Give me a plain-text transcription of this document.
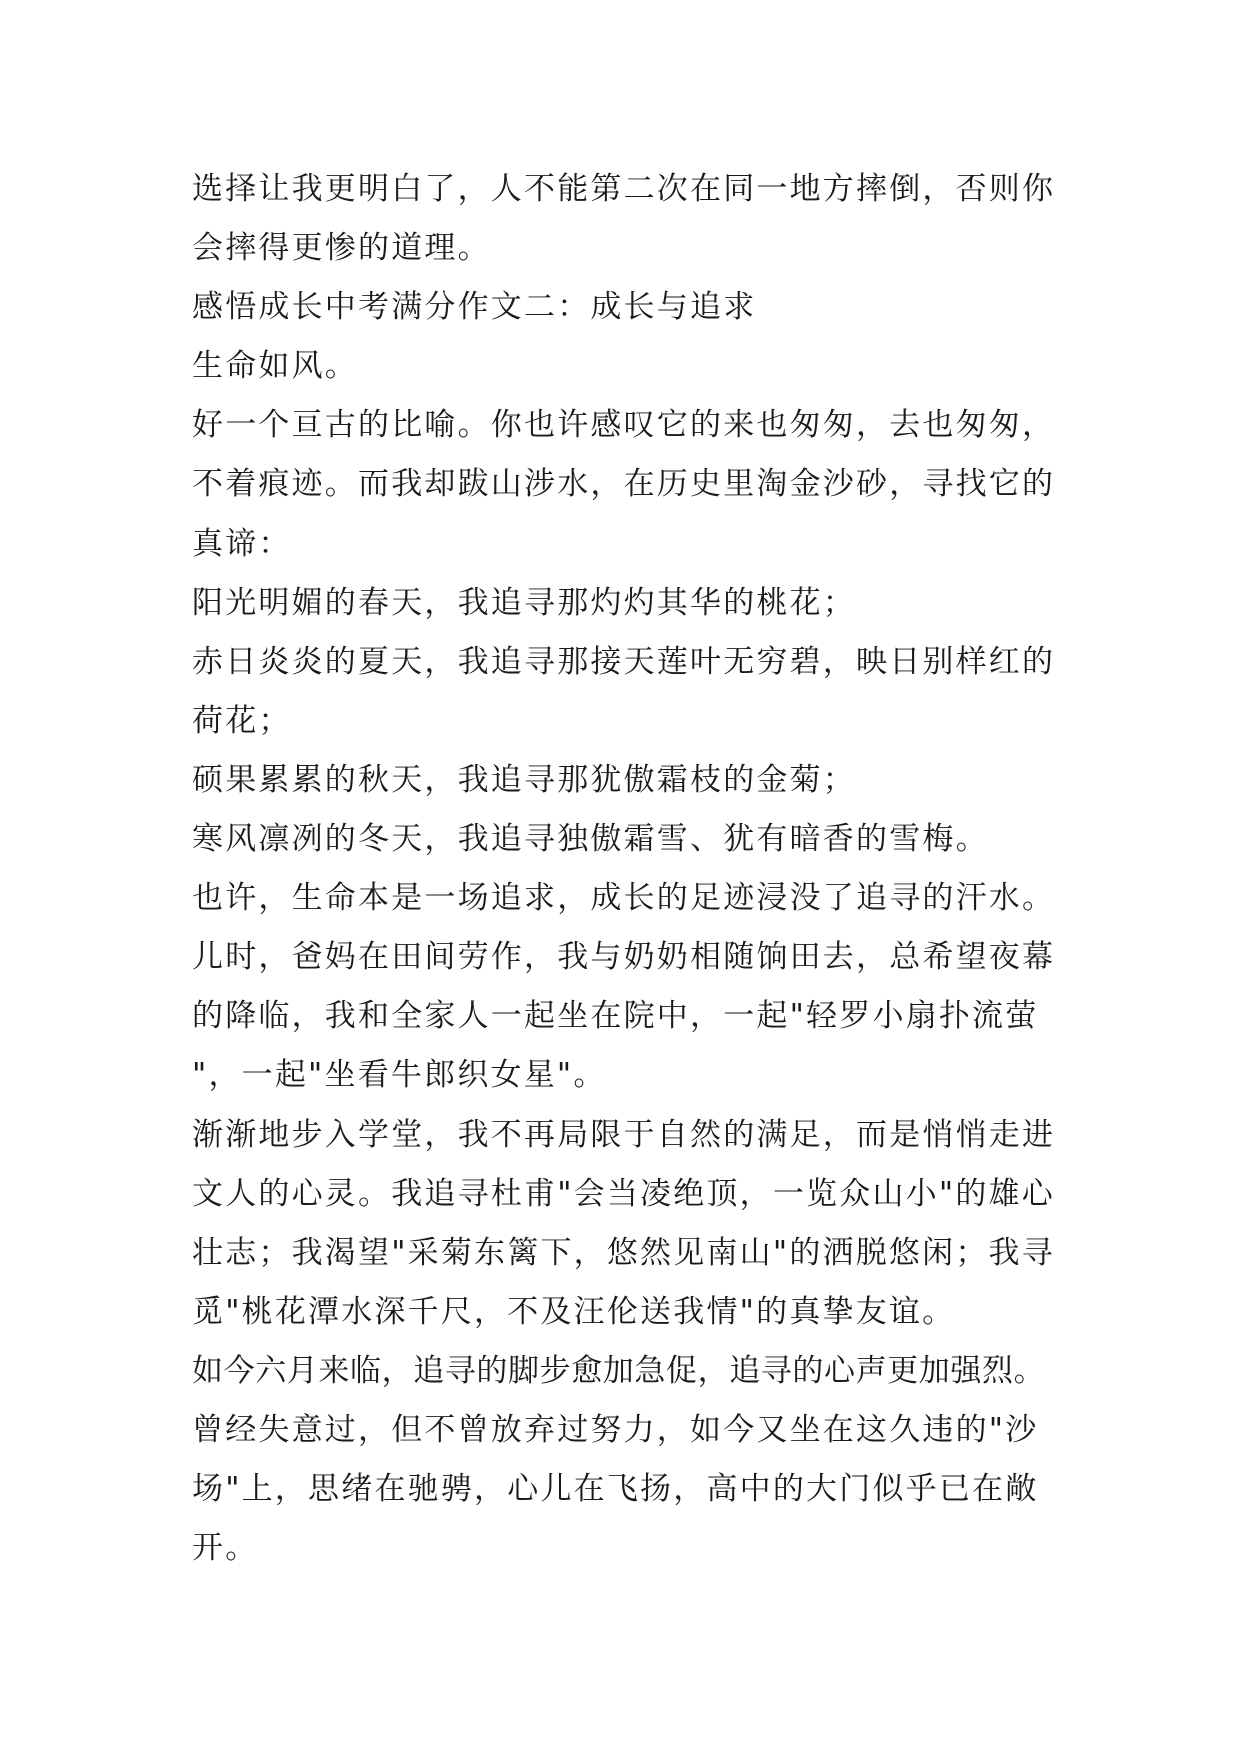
选择让我更明白了，人不能第二次在同一地方摔倒，否则你
会摔得更惨的道理。
感悟成长中考满分作文二：成长与追求
生命如风。
好一个亘古的比喻。你也许感叹它的来也匆匆，去也匆匆，
不着痕迹。而我却跋山涉水，在历史里淘金沙砂，寻找它的
真谛：
阳光明媚的春天，我追寻那灼灼其华的桃花；
赤日炎炎的夏天，我追寻那接天莲叶无穷碧，映日别样红的
荷花；
硕果累累的秋天，我追寻那犹傲霜枝的金菊；
寒风凛冽的冬天，我追寻独傲霜雪、犹有暗香的雪梅。
也许，生命本是一场追求，成长的足迹浸没了追寻的汗水。
儿时，爸妈在田间劳作，我与奶奶相随饷田去，总希望夜幕
的降临，我和全家人一起坐在院中，一起"轻罗小扇扑流萤
"，一起"坐看牛郎织女星"。
渐渐地步入学堂，我不再局限于自然的满足，而是悄悄走进
文人的心灵。我追寻杜甫"会当凌绝顶，一览众山小"的雄心
壮志；我渴望"采菊东篱下，悠然见南山"的洒脱悠闲；我寻
觅"桃花潭水深千尺，不及汪伦送我情"的真挚友谊。
如今六月来临，追寻的脚步愈加急促，追寻的心声更加强烈。
曾经失意过，但不曾放弃过努力，如今又坐在这久违的"沙
场"上，思绪在驰骋，心儿在飞扬，高中的大门似乎已在敞
开。
